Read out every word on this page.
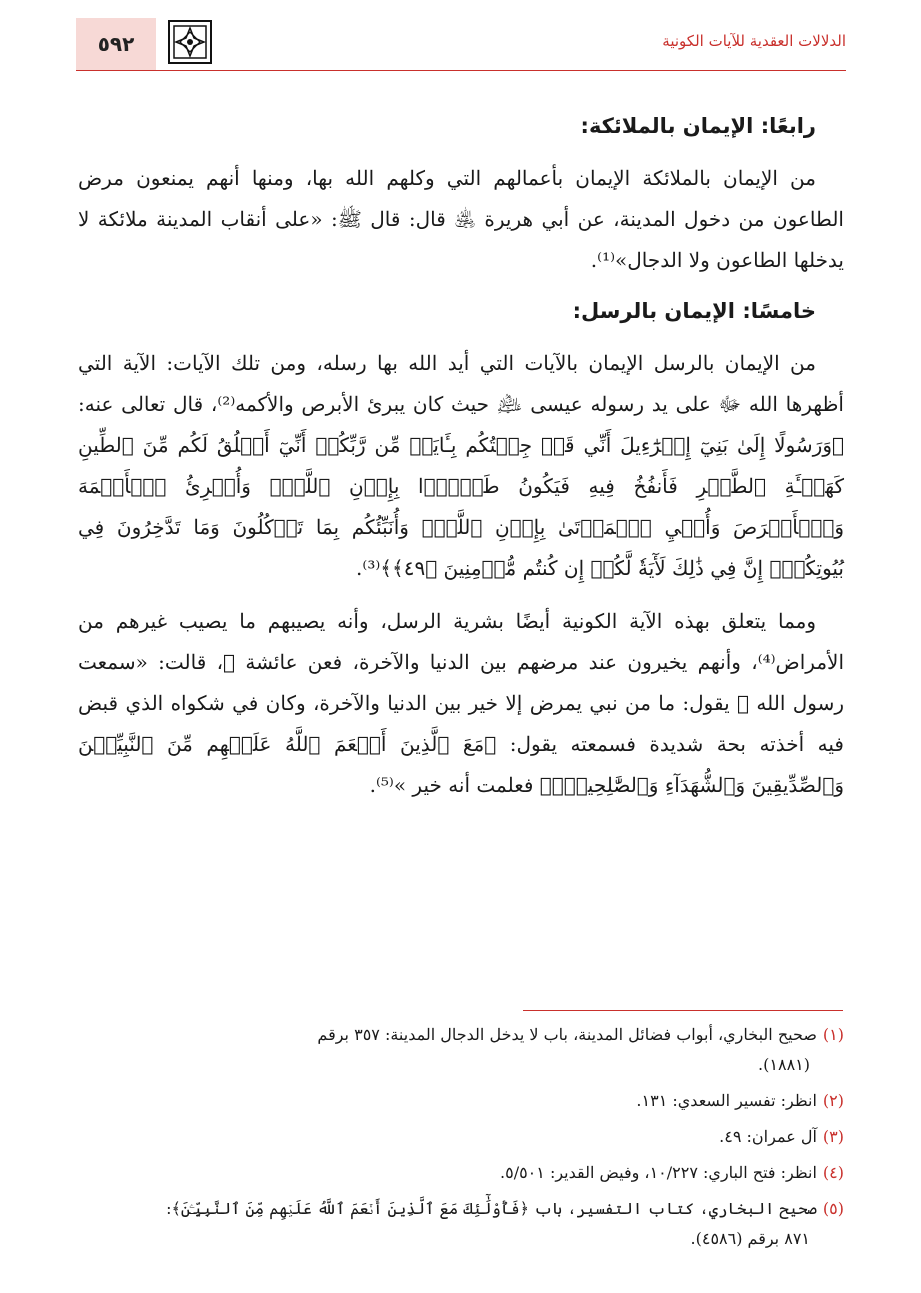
٥٩٢	الدلالات العقدية للآيات الكونية
رابعًا: الإيمان بالملائكة:

من الإيمان بالملائكة الإيمان بأعمالهم التي وكلهم الله بها، ومنها أنهم يمنعون مرض الطاعون من دخول المدينة، عن أبي هريرة ﵁ قال: قال ﷺ: «على أنقاب المدينة ملائكة لا يدخلها الطاعون ولا الدجال»⁽¹⁾.

خامسًا: الإيمان بالرسل:

من الإيمان بالرسل الإيمان بالآيات التي أيد الله بها رسله، ومن تلك الآيات: الآية التي أظهرها الله ﷻ على يد رسوله عيسى ﵇ حيث كان يبرئ الأبرص والأكمه⁽²⁾، قال تعالى عنه: ﴿وَرَسُولًا إِلَىٰ بَنِيٓ إِسۡرَٰٓءِيلَ أَنِّي قَدۡ جِئۡتُكُم بِـَٔايَةٖ مِّن رَّبِّكُمۡ أَنِّيٓ أَخۡلُقُ لَكُم مِّنَ ٱلطِّينِ كَهَيۡـَٔةِ ٱلطَّيۡرِ فَأَنفُخُ فِيهِ فَيَكُونُ طَيۡرَۢا بِإِذۡنِ ٱللَّهِۖ وَأُبۡرِئُ ٱلۡأَكۡمَهَ وَٱلۡأَبۡرَصَ وَأُحۡيِ ٱلۡمَوۡتَىٰ بِإِذۡنِ ٱللَّهِۖ وَأُنَبِّئُكُم بِمَا تَأۡكُلُونَ وَمَا تَدَّخِرُونَ فِي بُيُوتِكُمۡۚ إِنَّ فِي ذَٰلِكَ لَأٓيَةٗ لَّكُمۡ إِن كُنتُم مُّؤۡمِنِينَ ﴿٤٩﴾﴾⁽³⁾.

ومما يتعلق بهذه الآية الكونية أيضًا بشرية الرسل، وأنه يصيبهم ما يصيب غيرهم من الأمراض⁽⁴⁾، وأنهم يخيرون عند مرضهم بين الدنيا والآخرة، فعن عائشة ﵂، قالت: «سمعت رسول الله ﷺ يقول: ما من نبي يمرض إلا خير بين الدنيا والآخرة، وكان في شكواه الذي قبض فيه أخذته بحة شديدة فسمعته يقول: ﴿مَعَ ٱلَّذِينَ أَنۡعَمَ ٱللَّهُ عَلَيۡهِم مِّنَ ٱلنَّبِيِّـۧنَ وَٱلصِّدِّيقِينَ وَٱلشُّهَدَآءِ وَٱلصَّٰلِحِينَۚ﴾ فعلمت أنه خير »⁽⁵⁾.

(١)صحيح البخاري، أبواب فضائل المدينة، باب لا يدخل الدجال المدينة: ٣٥٧ برقم
(١٨٨١).
(٢)انظر: تفسير السعدي: ١٣١.
(٣)آل عمران: ٤٩.
(٤)انظر: فتح الباري: ١٠/٢٢٧، وفيض القدير: ٥/٥٠١.
(٥)صحيح البخاري، كتاب التفسير، باب ﴿فَأُوْلَٰٓئِكَ مَعَ ٱلَّذِينَ أَنۡعَمَ ٱللَّهُ عَلَيۡهِم مِّنَ ٱلنَّبِيِّـۧنَ﴾:
٨٧١ برقم (٤٥٨٦).
